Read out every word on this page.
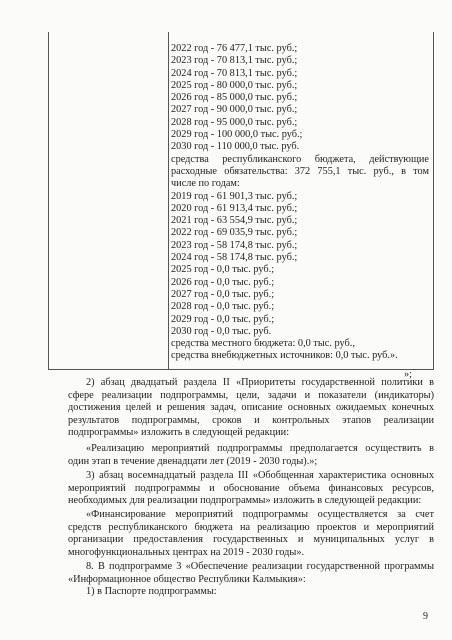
2022 год - 76 477,1 тыс. руб.;
2023 год - 70 813,1 тыс. руб.;
2024 год - 70 813,1 тыс. руб.;
2025 год - 80 000,0 тыс. руб.;
2026 год - 85 000,0 тыс. руб.;
2027 год - 90 000,0 тыс. руб.;
2028 год - 95 000,0 тыс. руб.;
2029 год - 100 000,0 тыс. руб.;
2030 год - 110 000,0 тыс. руб.
средства республиканского бюджета, действующие
расходные обязательства: 372 755,1 тыс. руб., в том
числе по годам:
2019 год - 61 901,3 тыс. руб.;
2020 год - 61 913,4 тыс. руб.;
2021 год - 63 554,9 тыс. руб.;
2022 год - 69 035,9 тыс. руб.;
2023 год - 58 174,8 тыс. руб.;
2024 год - 58 174,8 тыс. руб.;
2025 год - 0,0 тыс. руб.;
2026 год - 0,0 тыс. руб.;
2027 год - 0,0 тыс. руб.;
2028 год - 0,0 тыс. руб.;
2029 год - 0,0 тыс. руб.;
2030 год - 0,0 тыс. руб.
средства местного бюджета: 0,0 тыс. руб.,
средства внебюджетных источников: 0,0 тыс. руб.».
»;
2) абзац двадцатый раздела II «Приоритеты государственной политики в
сфере реализации подпрограммы, цели, задачи и показатели (индикаторы)
достижения целей и решения задач, описание основных ожидаемых конечных
результатов подпрограммы, сроков и контрольных этапов реализации
подпрограммы» изложить в следующей редакции:
«Реализацию мероприятий подпрограммы предполагается осуществить в
один этап в течение двенадцати лет (2019 - 2030 годы).»;
3) абзац восемнадцатый раздела III «Обобщенная характеристика основных
мероприятий подпрограммы и обоснование объема финансовых ресурсов,
необходимых для реализации подпрограммы» изложить в следующей редакции:
«Финансирование мероприятий подпрограммы осуществляется за счет
средств республиканского бюджета на реализацию проектов и мероприятий
организации предоставления государственных и муниципальных услуг в
многофункциональных центрах на 2019 - 2030 годы».
8. В подпрограмме 3 «Обеспечение реализации государственной программы
«Информационное общество Республики Калмыкия»:
1) в Паспорте подпрограммы:
9
